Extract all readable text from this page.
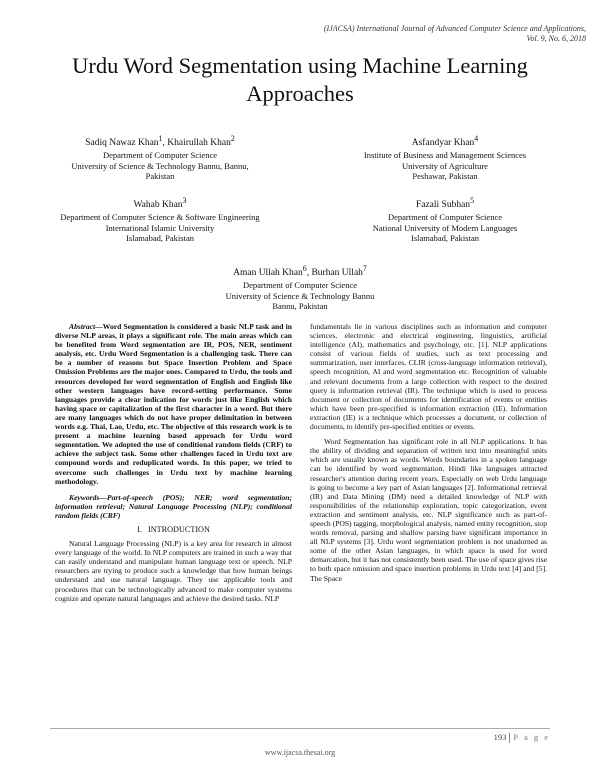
(IJACSA) International Journal of Advanced Computer Science and Applications,
Vol. 9, No. 6, 2018
Urdu Word Segmentation using Machine Learning
Approaches
Sadiq Nawaz Khan$^1$, Khairullah Khan$^2$
Department of Computer Science
University of Science & Technology Bannu, Bannu,
Pakistan
Asfandyar Khan$^4$
Institute of Business and Management Sciences
University of Agriculture
Peshawar, Pakistan
Wahab Khan$^3$
Department of Computer Science & Software Engineering
International Islamic University
Islamabad, Pakistan
Fazali Subhan$^5$
Department of Computer Science
National University of Modern Languages
Islamabad, Pakistan
Aman Ullah Khan$^6$, Burhan Ullah$^7$
Department of Computer Science
University of Science & Technology Bannu
Bannu, Pakistan

Abstract—Word Segmentation is considered a basic NLP task and in diverse NLP areas, it plays a significant role. The main areas which can be benefited from Word segmentation are IR, POS, NER, sentiment analysis, etc. Urdu Word Segmentation is a challenging task. There can be a number of reasons but Space Insertion Problem and Space Omission Problems are the major ones. Compared to Urdu, the tools and resources developed for word segmentation of English and English like other western languages have record-setting performance. Some languages provide a clear indication for words just like English which having space or capitalization of the first character in a word. But there are many languages which do not have proper delimitation in between words e.g. Thai, Lao, Urdu, etc. The objective of this research work is to present a machine learning based approach for Urdu word segmentation. We adopted the use of conditional random fields (CRF) to achieve the subject task. Some other challenges faced in Urdu text are compound words and reduplicated words. In this paper, we tried to overcome such challenges in Urdu text by machine learning methodology.

Keywords—Part-of-speech (POS); NER; word segmentation; information retrieval; Natural Language Processing (NLP); conditional random fields (CRF)

I. INTRODUCTION

Natural Language Processing (NLP) is a key area for research in almost every language of the world. In NLP computers are trained in such a way that can easily understand and manipulate human language text or speech. NLP researchers are trying to produce such a knowledge that how human beings understand and use natural language. They use applicable tools and procedures that can be technologically advanced to make computer systems cognize and operate natural languages and achieve the desired tasks. NLP

fundamentals lie in various disciplines such as information and computer sciences, electronic and electrical engineering, linguistics, artificial intelligence (AI), mathematics and psychology, etc. [1]. NLP applications consist of various fields of studies, such as text processing and summarization, user interfaces, CLIR (cross-language information retrieval), speech recognition, AI and word segmentation etc. Recognition of valuable and relevant documents from a large collection with respect to the desired query is information retrieval (IR). The technique which is used to process document or collection of documents for identification of events or entities which have been pre-specified is information extraction (IE). Information extraction (IE) is a technique which processes a document, or collection of documents, to identify pre-specified entities or events.

Word Segmentation has significant role in all NLP applications. It has the ability of dividing and separation of written text into meaningful units which are usually known as words. Words boundaries in a spoken language can be identified by word segmentation. Hindi like languages attracted researcher's attention during recent years. Especially on web Urdu language is going to become a key part of Asian languages [2]. Informational retrieval (IR) and Data Mining (DM) need a detailed knowledge of NLP with responsibilities of the relationship exploration, topic categorization, event extraction and sentiment analysis, etc. NLP significance such as part-of-speech (POS) tagging, morphological analysis, named entity recognition, stop words removal, parsing and shallow parsing have significant importance in all NLP systems [3]. Urdu word segmentation problem is not unadorned as some of the other Asian languages, in which space is used for word demarcation, but it has not consistently been used. The use of space gives rise to both space omission and space insertion problems in Urdu text [4] and [5]. The Space

193 P a g e
www.ijacsa.thesai.org
